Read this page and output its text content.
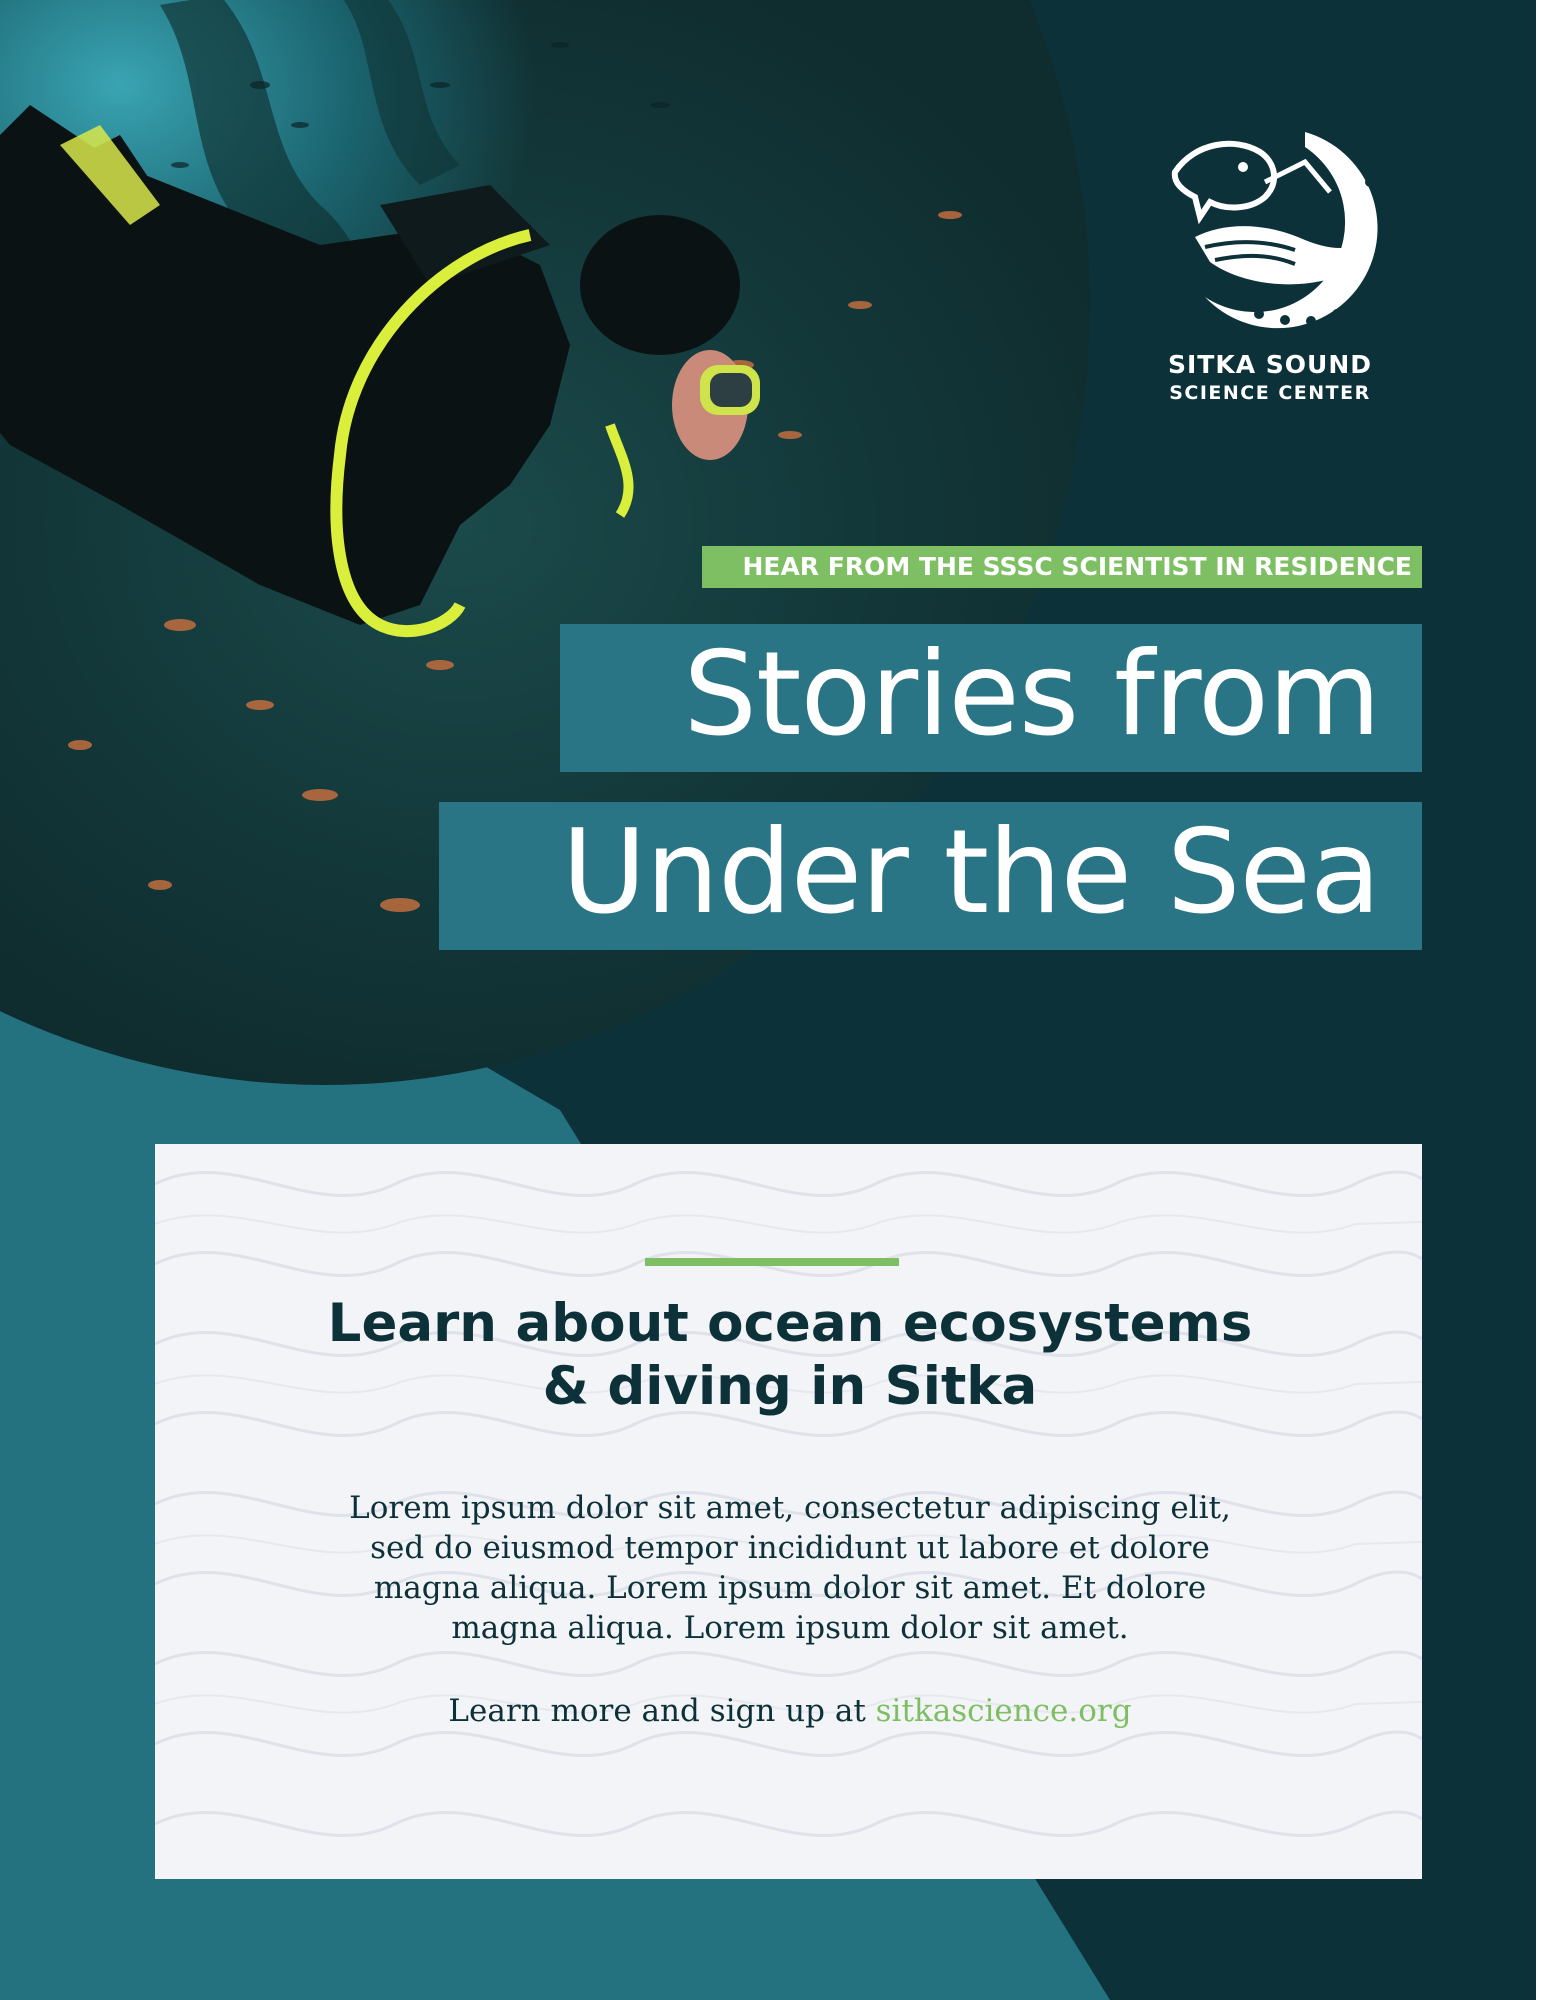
SITKA SOUND
SCIENCE CENTER
HEAR FROM THE SSSC SCIENTIST IN RESIDENCE
Stories from
Under the Sea
Learn about ocean ecosystems
& diving in Sitka
Lorem ipsum dolor sit amet, consectetur adipiscing elit,
sed do eiusmod tempor incididunt ut labore et dolore
magna aliqua. Lorem ipsum dolor sit amet. Et dolore
magna aliqua. Lorem ipsum dolor sit amet.
Learn more and sign up at sitkascience.org
